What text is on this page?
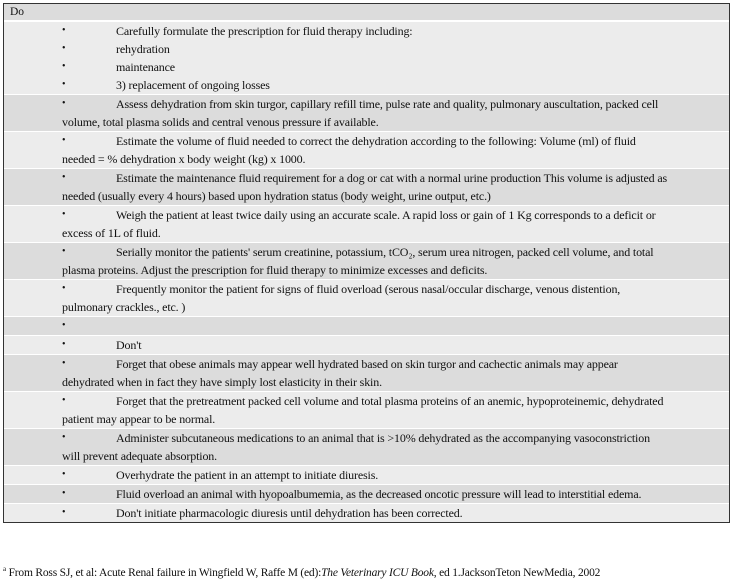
Do
•	Carefully formulate the prescription for fluid therapy including:
•	rehydration
•	maintenance
•	3) replacement of ongoing losses
•	Assess dehydration from skin turgor, capillary refill time, pulse rate and quality, pulmonary auscultation, packed cell volume, total plasma solids and central venous pressure if available.
•	Estimate the volume of fluid needed to correct the dehydration according to the following: Volume (ml) of fluid needed = % dehydration x body weight (kg) x 1000.
•	Estimate the maintenance fluid requirement for a dog or cat with a normal urine production This volume is adjusted as needed (usually every 4 hours) based upon hydration status (body weight, urine output, etc.)
•	Weigh the patient at least twice daily using an accurate scale. A rapid loss or gain of 1 Kg corresponds to a deficit or excess of 1L of fluid.
•	Serially monitor the patients' serum creatinine, potassium, tCO₂, serum urea nitrogen, packed cell volume, and total plasma proteins. Adjust the prescription for fluid therapy to minimize excesses and deficits.
•	Frequently monitor the patient for signs of fluid overload (serous nasal/occular discharge, venous distention, pulmonary crackles., etc. )
•
•	Don't
•	Forget that obese animals may appear well hydrated based on skin turgor and cachectic animals may appear dehydrated when in fact they have simply lost elasticity in their skin.
•	Forget that the pretreatment packed cell volume and total plasma proteins of an anemic, hypoproteinemic, dehydrated patient may appear to be normal.
•	Administer subcutaneous medications to an animal that is >10% dehydrated as the accompanying vasoconstriction will prevent adequate absorption.
•	Overhydrate the patient in an attempt to initiate diuresis.
•	Fluid overload an animal with hyopoalbumemia, as the decreased oncotic pressure will lead to interstitial edema.
•	Don't initiate pharmacologic diuresis until dehydration has been corrected.
$^a$ From Ross SJ, et al: Acute Renal failure in Wingfield W, Raffe M (ed):The Veterinary ICU Book, ed 1.JacksonTeton NewMedia, 2002
